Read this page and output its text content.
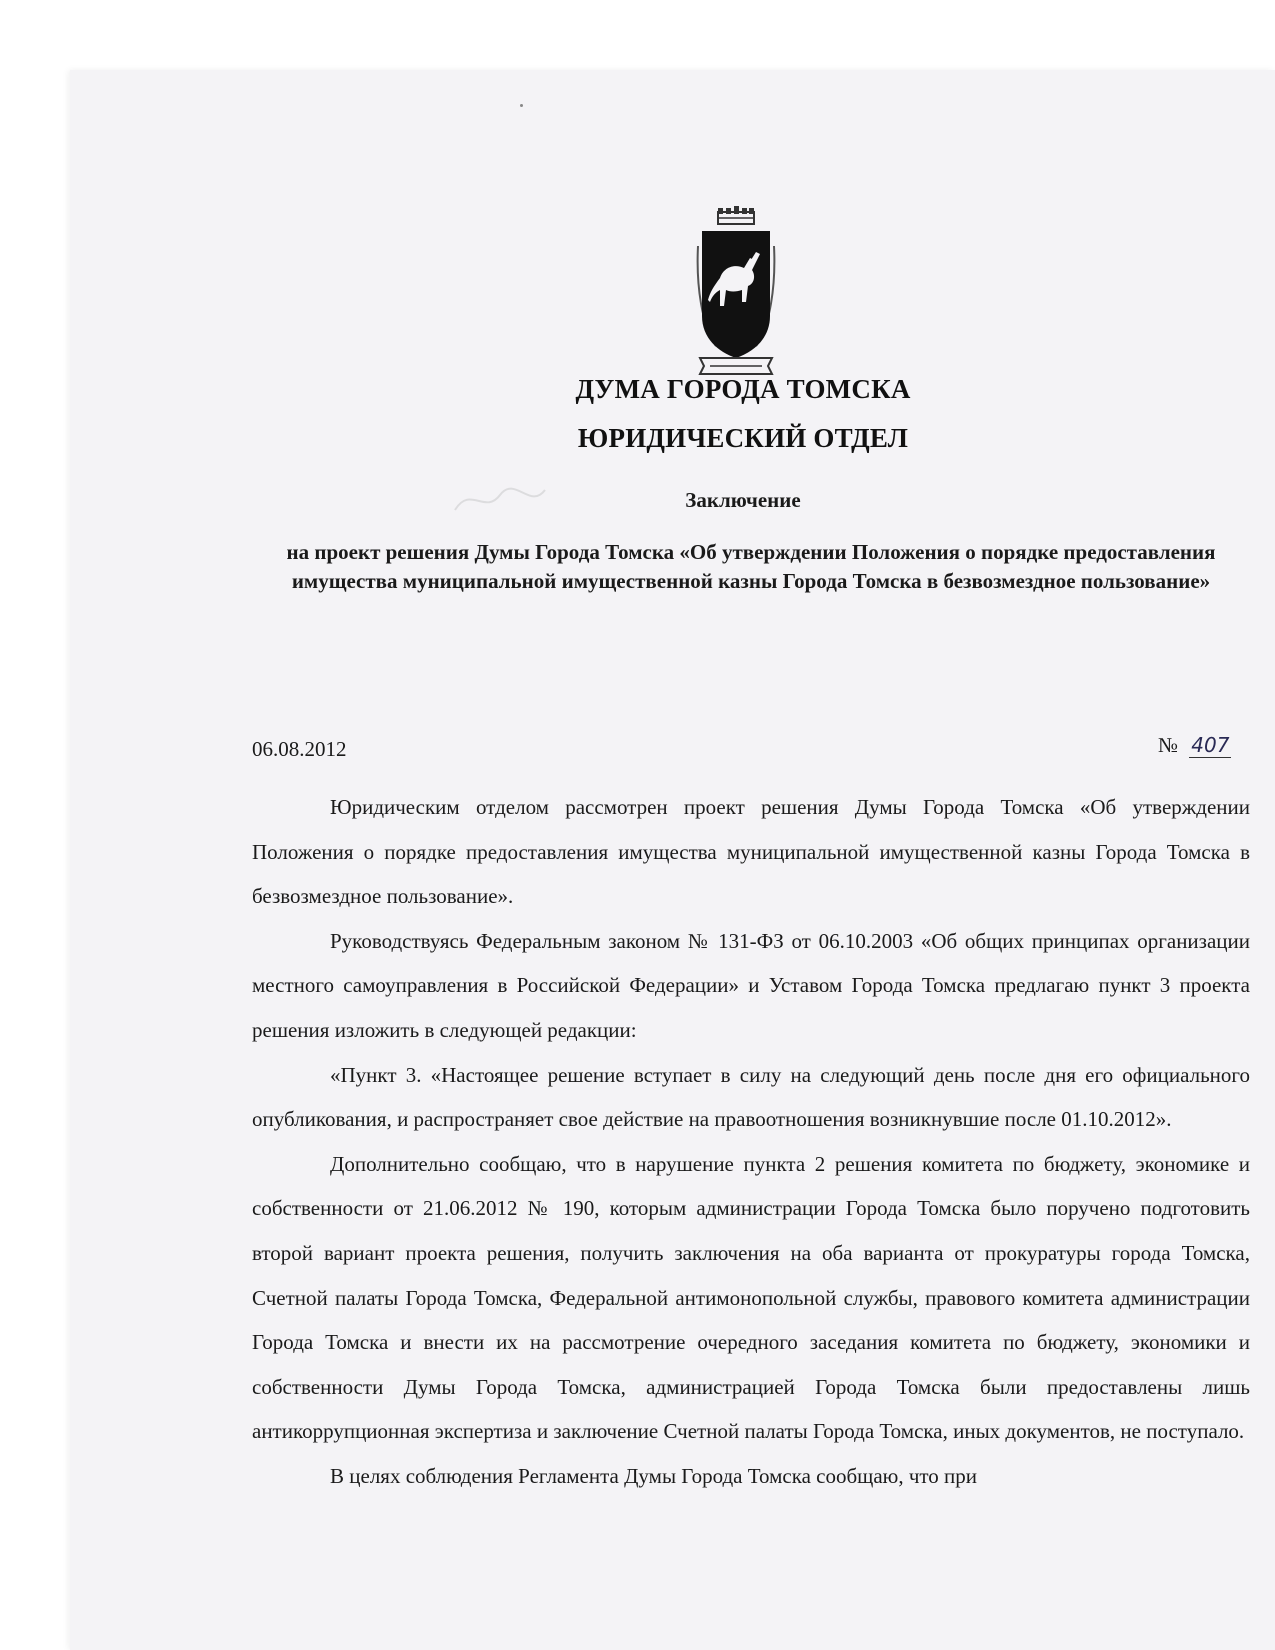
ДУМА ГОРОДА ТОМСКА
ЮРИДИЧЕСКИЙ ОТДЕЛ
Заключение
на проект решения Думы Города Томска «Об утверждении Положения о порядке предоставления имущества муниципальной имущественной казны Города Томска в безвозмездное пользование»
06.08.2012	№ 407

Юридическим отделом рассмотрен проект решения Думы Города Томска «Об утверждении Положения о порядке предоставления имущества муниципальной имущественной казны Города Томска в безвозмездное пользование».

Руководствуясь Федеральным законом № 131-ФЗ от 06.10.2003 «Об общих принципах организации местного самоуправления в Российской Федерации» и Уставом Города Томска предлагаю пункт 3 проекта решения изложить в следующей редакции:

«Пункт 3. «Настоящее решение вступает в силу на следующий день после дня его официального опубликования, и распространяет свое действие на правоотношения возникнувшие после 01.10.2012».

Дополнительно сообщаю, что в нарушение пункта 2 решения комитета по бюджету, экономике и собственности от 21.06.2012 № 190, которым администрации Города Томска было поручено подготовить второй вариант проекта решения, получить заключения на оба варианта от прокуратуры города Томска, Счетной палаты Города Томска, Федеральной антимонопольной службы, правового комитета администрации Города Томска и внести их на рассмотрение очередного заседания комитета по бюджету, экономики и собственности Думы Города Томска, администрацией Города Томска были предоставлены лишь антикоррупционная экспертиза и заключение Счетной палаты Города Томска, иных документов, не поступало.

В целях соблюдения Регламента Думы Города Томска сообщаю, что при
